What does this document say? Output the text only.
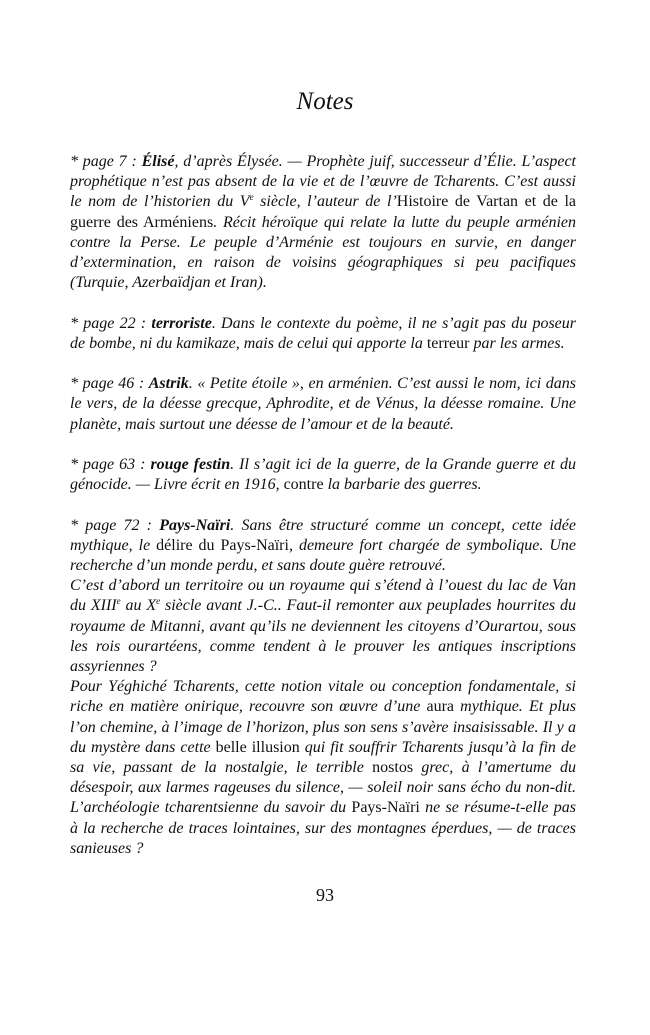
Notes

* page 7 : Élisé, d’après Élysée. — Prophète juif, successeur d’Élie. L’aspect prophétique n’est pas absent de la vie et de l’œuvre de Tcharents. C’est aussi le nom de l’historien du Ve siècle, l’auteur de l’Histoire de Vartan et de la guerre des Arméniens. Récit héroïque qui relate la lutte du peuple arménien contre la Perse. Le peuple d’Arménie est toujours en survie, en danger d’extermination, en raison de voisins géographiques si peu pacifiques (Turquie, Azerbaïdjan et Iran).

* page 22 : terroriste. Dans le contexte du poème, il ne s’agit pas du poseur de bombe, ni du kamikaze, mais de celui qui apporte la terreur par les armes.

* page 46 : Astrik. « Petite étoile », en arménien. C’est aussi le nom, ici dans le vers, de la déesse grecque, Aphrodite, et de Vénus, la déesse romaine. Une planète, mais surtout une déesse de l’amour et de la beauté.

* page 63 : rouge festin. Il s’agit ici de la guerre, de la Grande guerre et du génocide. — Livre écrit en 1916, contre la barbarie des guerres.

* page 72 : Pays-Naïri. Sans être structuré comme un concept, cette idée mythique, le délire du Pays-Naïri, demeure fort chargée de symbolique. Une recherche d’un monde perdu, et sans doute guère retrouvé.

C’est d’abord un territoire ou un royaume qui s’étend à l’ouest du lac de Van du XIIIe au Xe siècle avant J.-C.. Faut-il remonter aux peuplades hourrites du royaume de Mitanni, avant qu’ils ne deviennent les citoyens d’Ourartou, sous les rois ourartéens, comme tendent à le prouver les antiques inscriptions assyriennes ?

Pour Yéghiché Tcharents, cette notion vitale ou conception fondamentale, si riche en matière onirique, recouvre son œuvre d’une aura mythique. Et plus l’on chemine, à l’image de l’horizon, plus son sens s’avère insaisissable. Il y a du mystère dans cette belle illusion qui fit souffrir Tcharents jusqu’à la fin de sa vie, passant de la nostalgie, le terrible nostos grec, à l’amertume du désespoir, aux larmes rageuses du silence, — soleil noir sans écho du non-dit. L’archéologie tcharentsienne du savoir du Pays-Naïri ne se résume-t-elle pas à la recherche de traces lointaines, sur des montagnes éperdues, — de traces sanieuses ?

93
